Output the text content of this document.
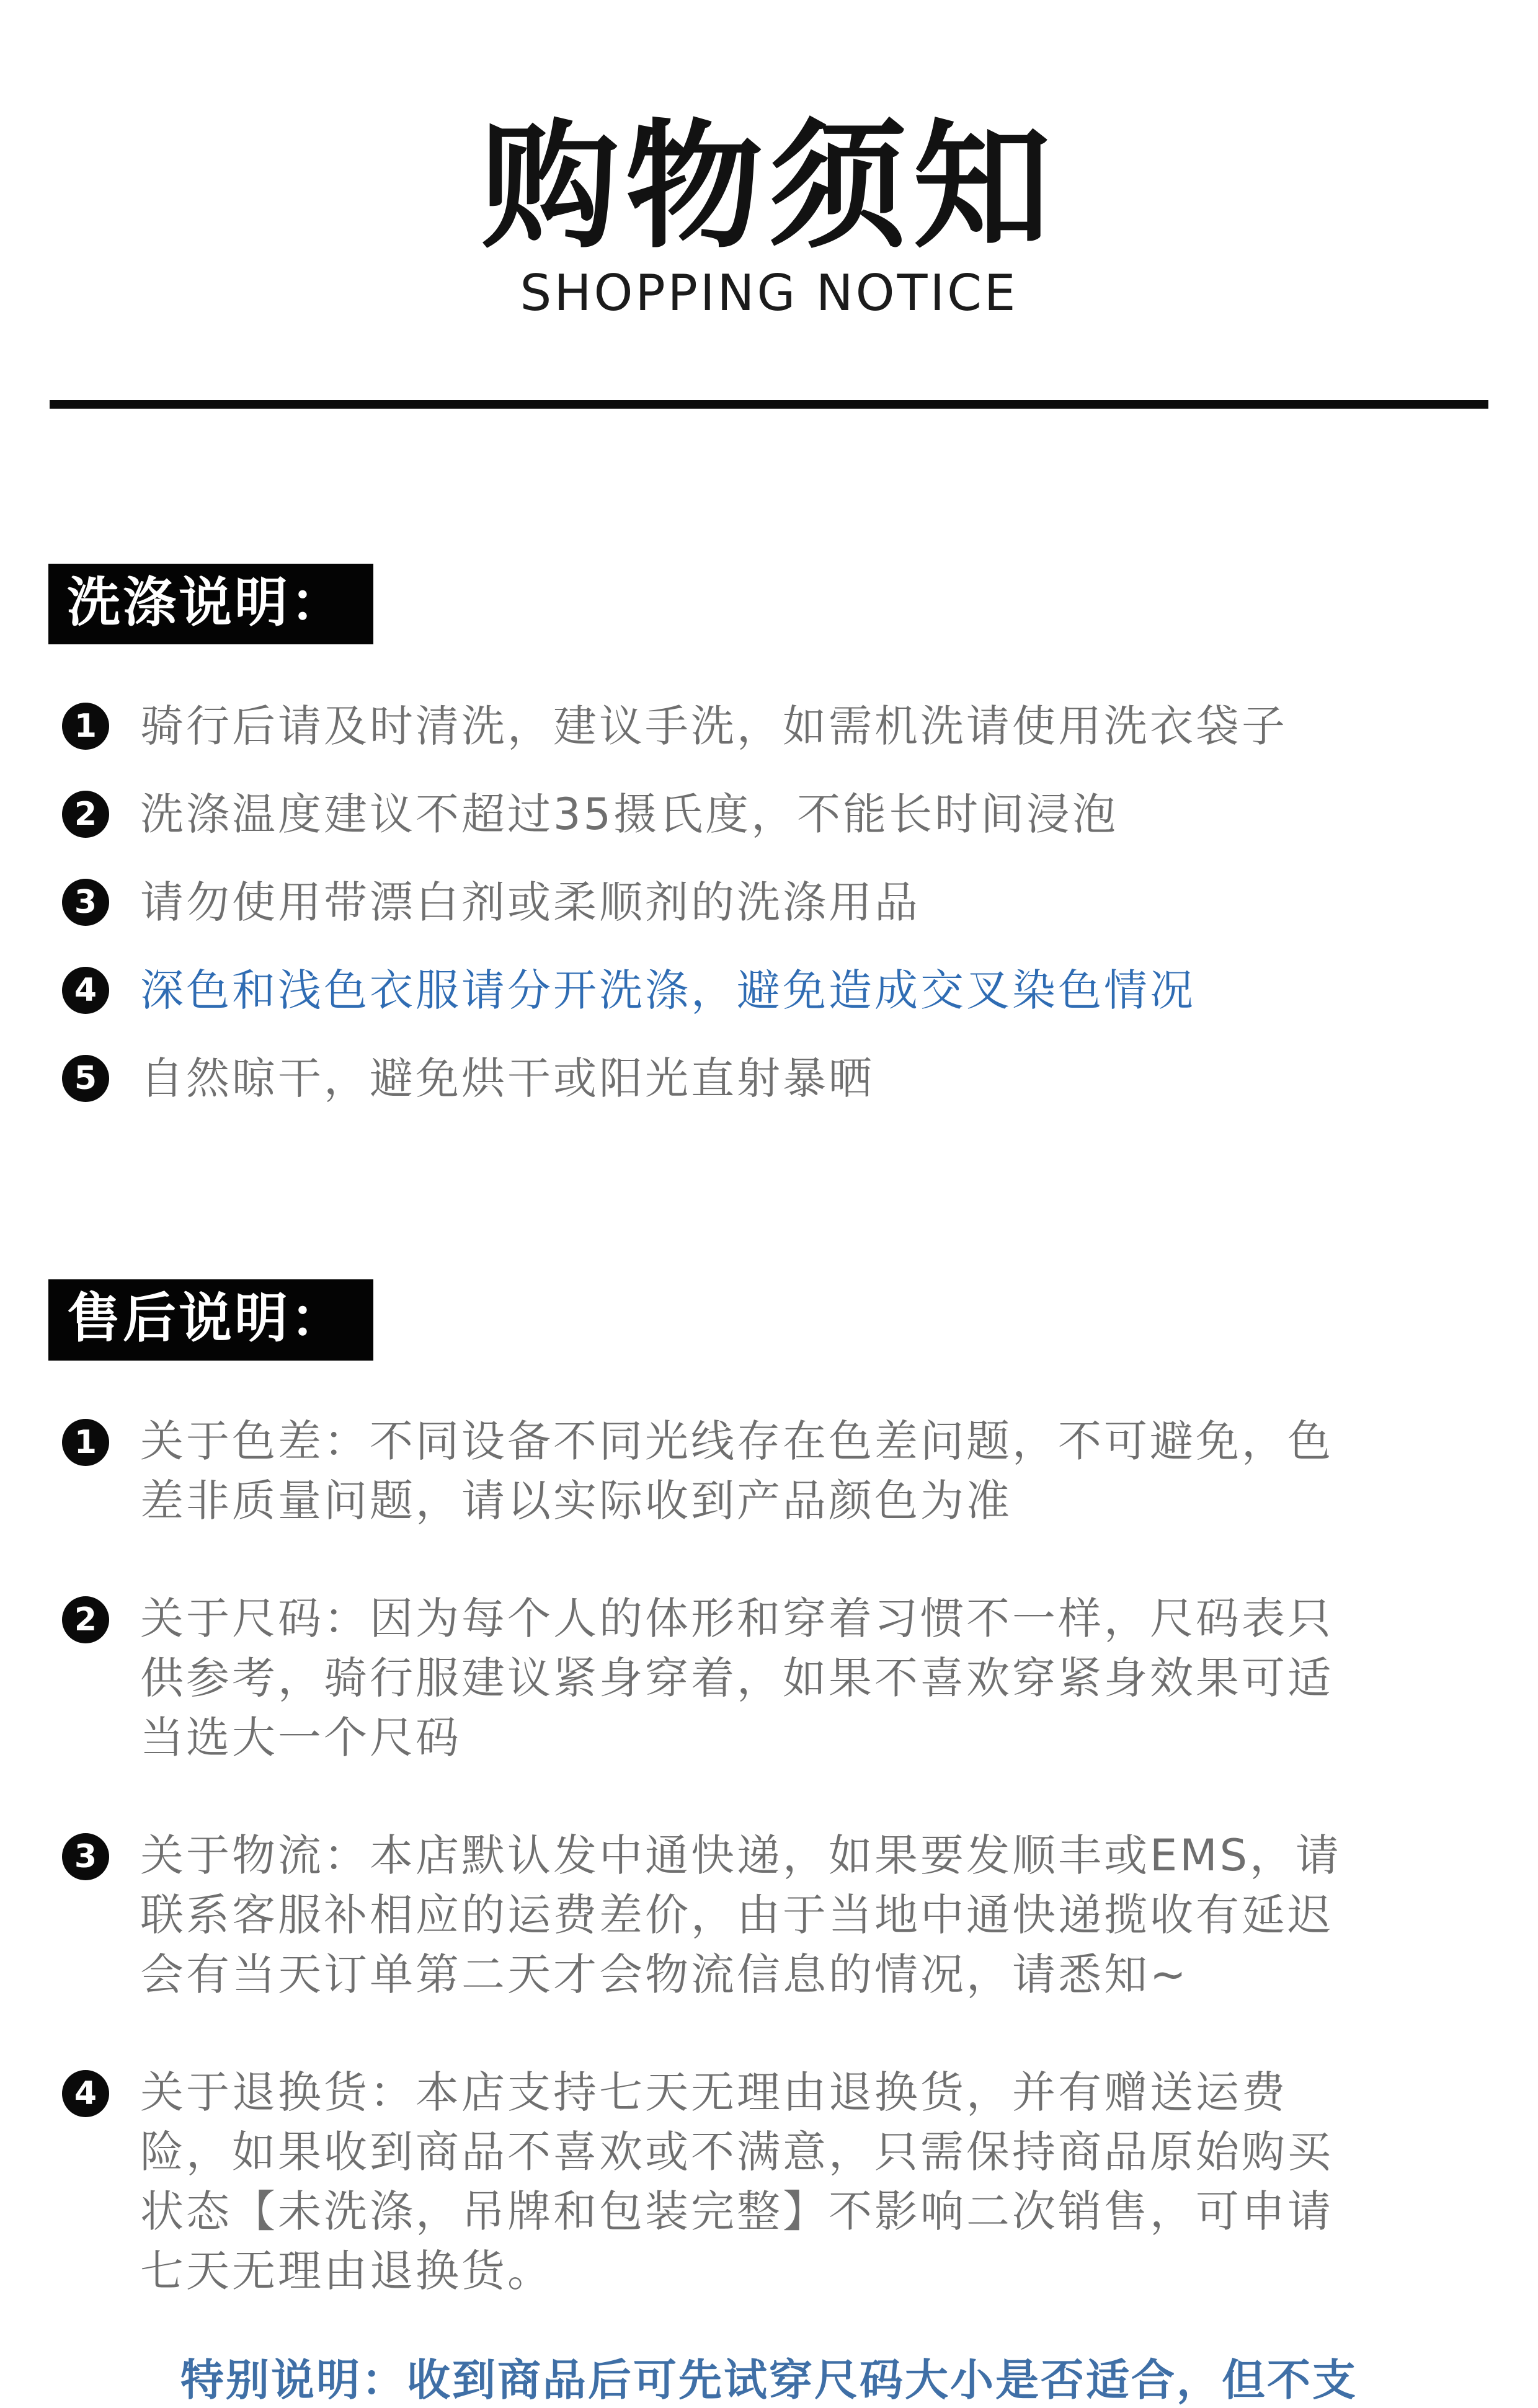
购物须知
SHOPPING NOTICE
洗涤说明：
1 骑行后请及时清洗，建议手洗，如需机洗请使用洗衣袋子
2 洗涤温度建议不超过35摄氏度，不能长时间浸泡
3 请勿使用带漂白剂或柔顺剂的洗涤用品
4 深色和浅色衣服请分开洗涤，避免造成交叉染色情况
5 自然晾干，避免烘干或阳光直射暴晒
售后说明：
1 关于色差：不同设备不同光线存在色差问题，不可避免，色差非质量问题，请以实际收到产品颜色为准
2 关于尺码：因为每个人的体形和穿着习惯不一样，尺码表只供参考，骑行服建议紧身穿着，如果不喜欢穿紧身效果可适当选大一个尺码
3 关于物流：本店默认发中通快递，如果要发顺丰或EMS，请联系客服补相应的运费差价，由于当地中通快递揽收有延迟会有当天订单第二天才会物流信息的情况，请悉知~
4 关于退换货：本店支持七天无理由退换货，并有赠送运费险，如果收到商品不喜欢或不满意，只需保持商品原始购买状态【未洗涤，吊牌和包装完整】不影响二次销售，可申请七天无理由退换货。
特别说明：收到商品后可先试穿尺码大小是否适合，但不支
